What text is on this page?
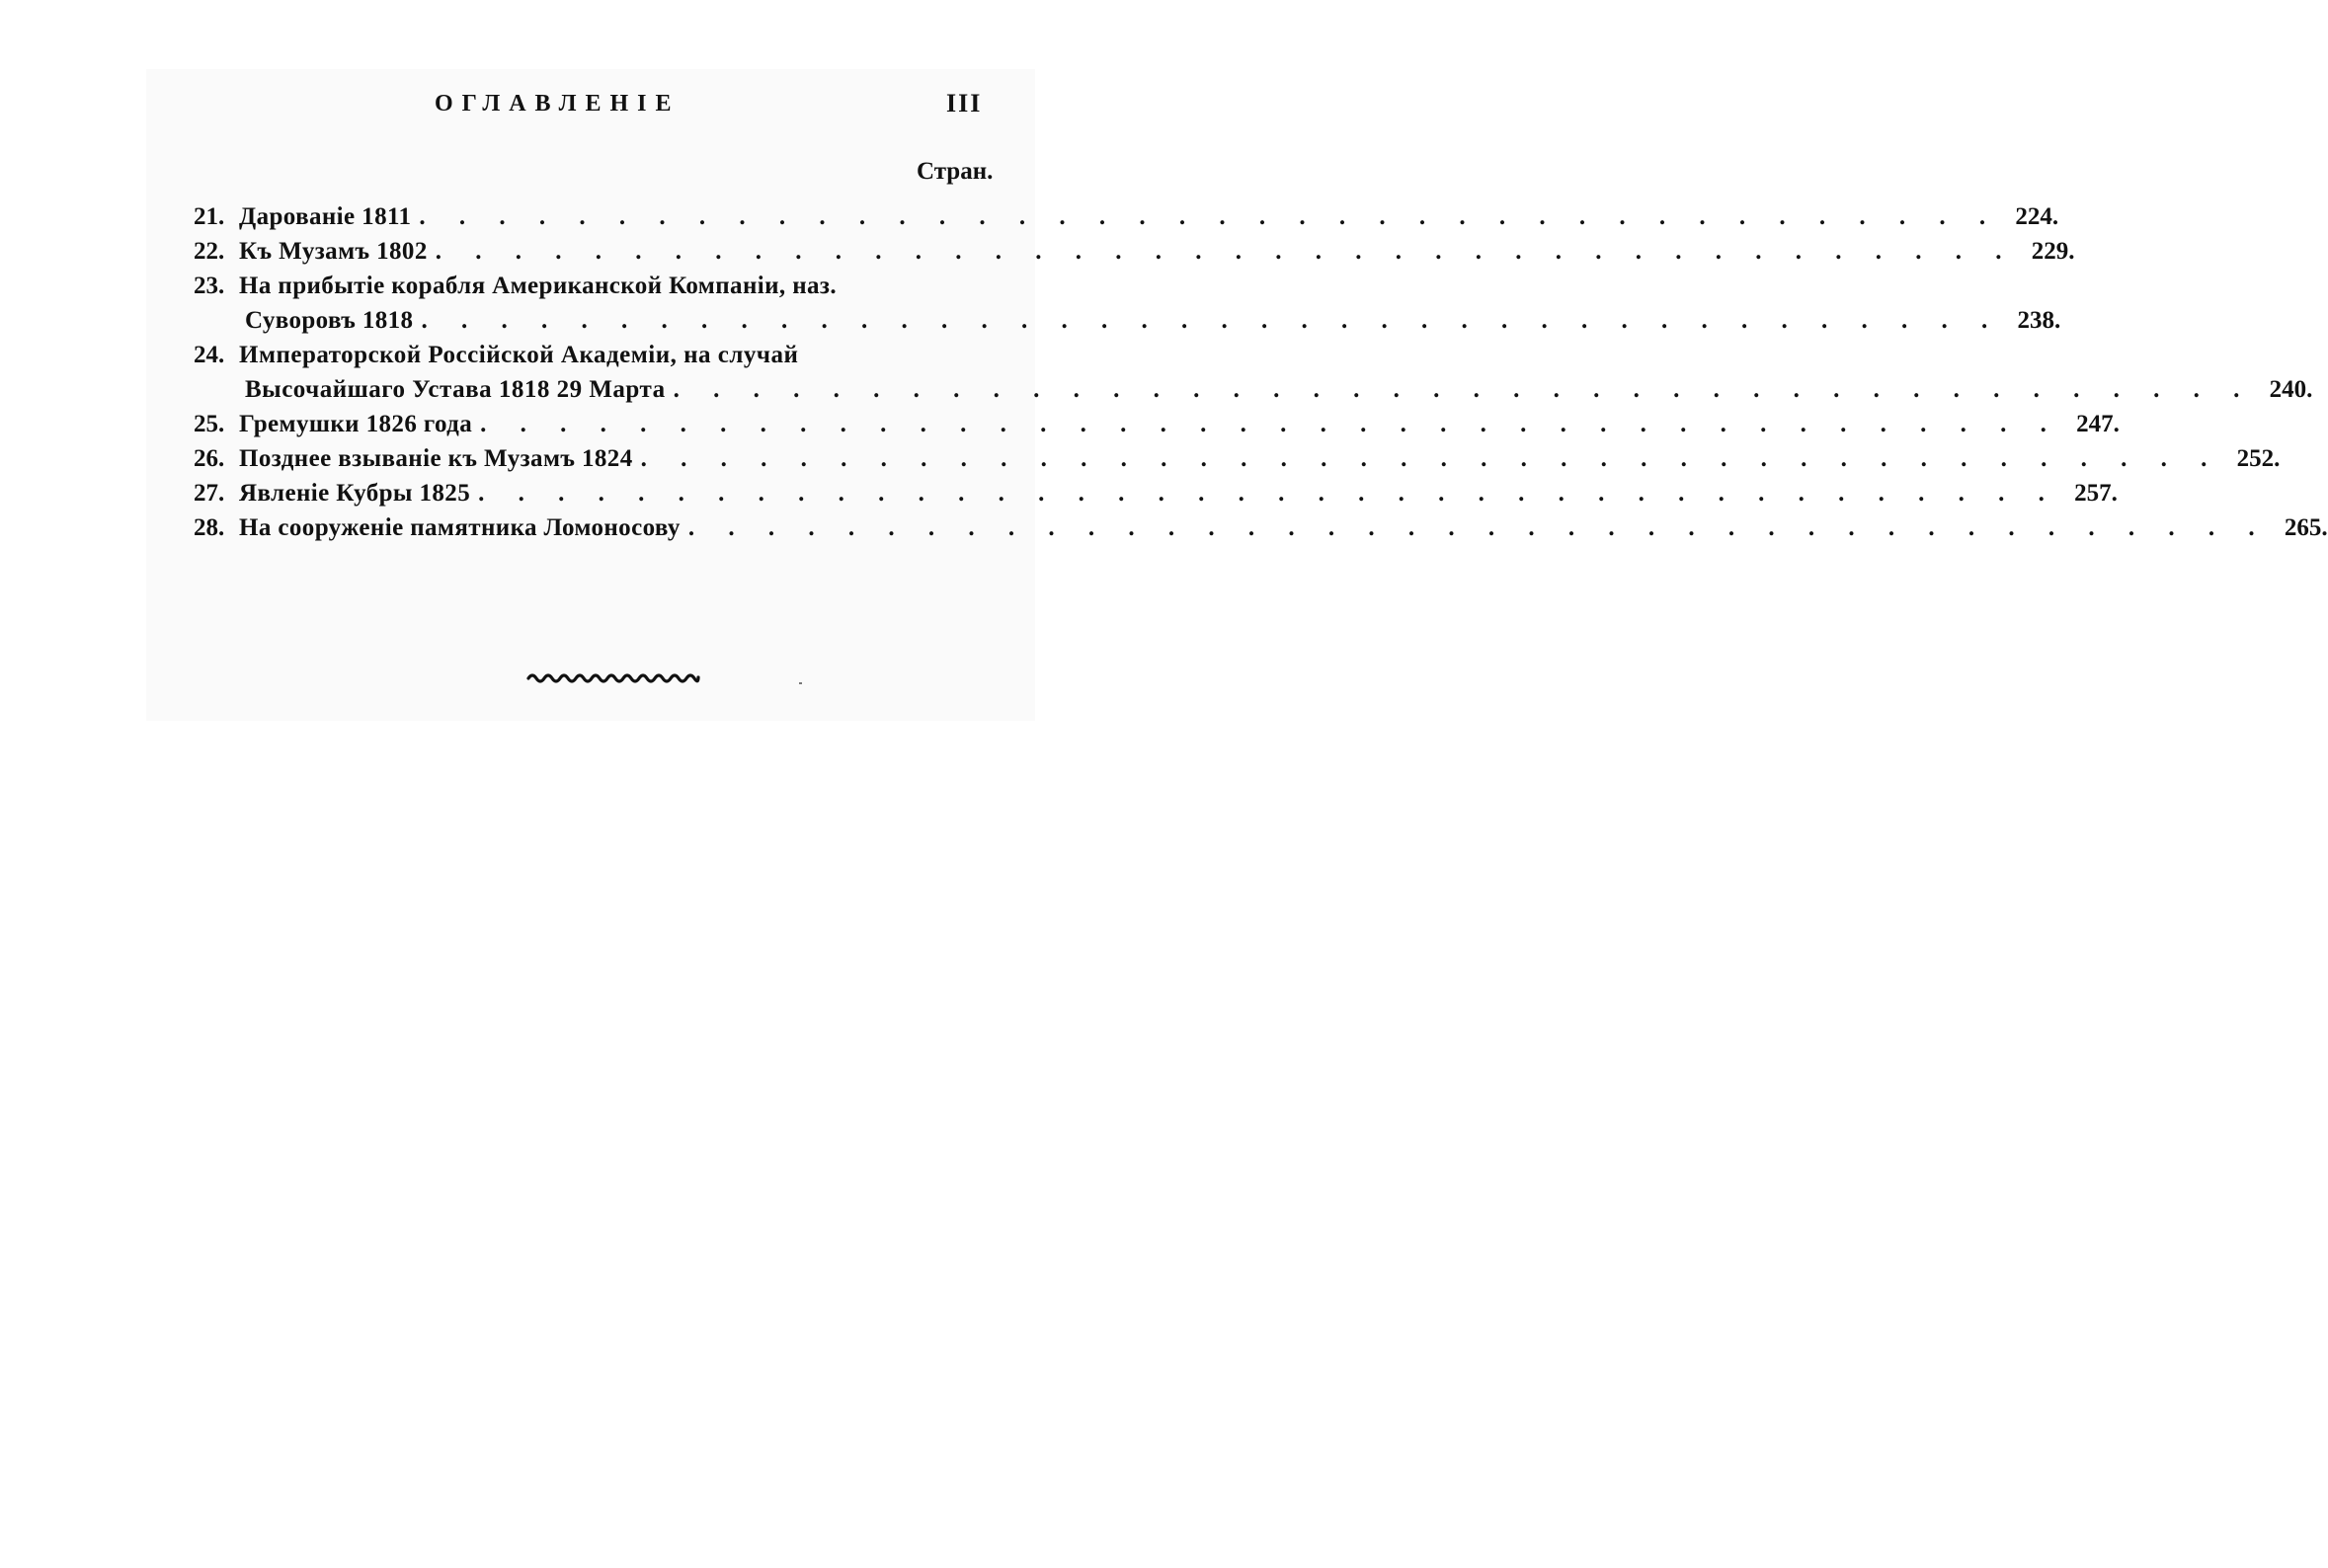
ОГЛАВЛЕНІЕ	III
Стран.
21. Дарованіе 1811 . . . . . . . . . . . . . . . . . . . . . . . . . . . . . . . . . . . . . . . . 224.
22. Къ Музамъ 1802 . . . . . . . . . . . . . . . . . . . . . . . . . . . . . . . . . . . . . . . . 229.
23. На прибытіе корабля Американской Компаніи, наз.
Суворовъ 1818 . . . . . . . . . . . . . . . . . . . . . . . . . . . . . . . . . . . . . . . . 238.
24. Императорской Россійской Академіи, на случай
Высочайшаго Устава 1818 29 Марта . . . . . . . . . . . . . . . . . . . . . . . . . . . . . . . . . . . . . . . . 240.
25. Гремушки 1826 года . . . . . . . . . . . . . . . . . . . . . . . . . . . . . . . . . . . . . . . . 247.
26. Позднее взываніе къ Музамъ 1824 . . . . . . . . . . . . . . . . . . . . . . . . . . . . . . . . . . . . . . . . 252.
27. Явленіе Кубры 1825 . . . . . . . . . . . . . . . . . . . . . . . . . . . . . . . . . . . . . . . . 257.
28. На сооруженіе памятника Ломоносову . . . . . . . . . . . . . . . . . . . . . . . . . . . . . . . . . . . . . . . . 265.
